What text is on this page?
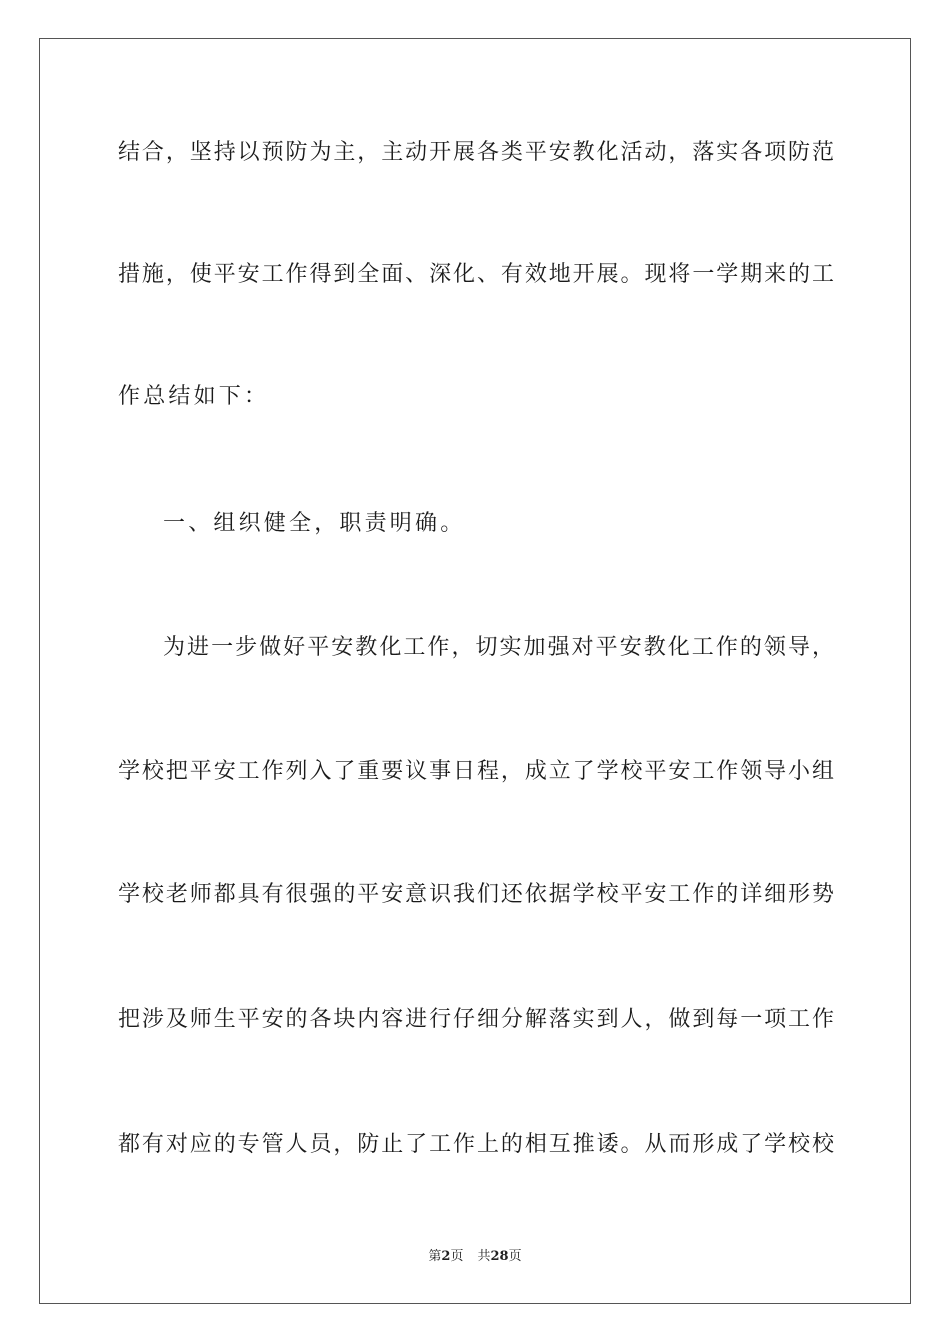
结合，坚持以预防为主，主动开展各类平安教化活动，落实各项防范
措施，使平安工作得到全面、深化、有效地开展。现将一学期来的工
作总结如下：
一、组织健全，职责明确。
为进一步做好平安教化工作，切实加强对平安教化工作的领导，
学校把平安工作列入了重要议事日程，成立了学校平安工作领导小组
学校老师都具有很强的平安意识我们还依据学校平安工作的详细形势
把涉及师生平安的各块内容进行仔细分解落实到人，做到每一项工作
都有对应的专管人员，防止了工作上的相互推诿。从而形成了学校校
第2页 共28页
